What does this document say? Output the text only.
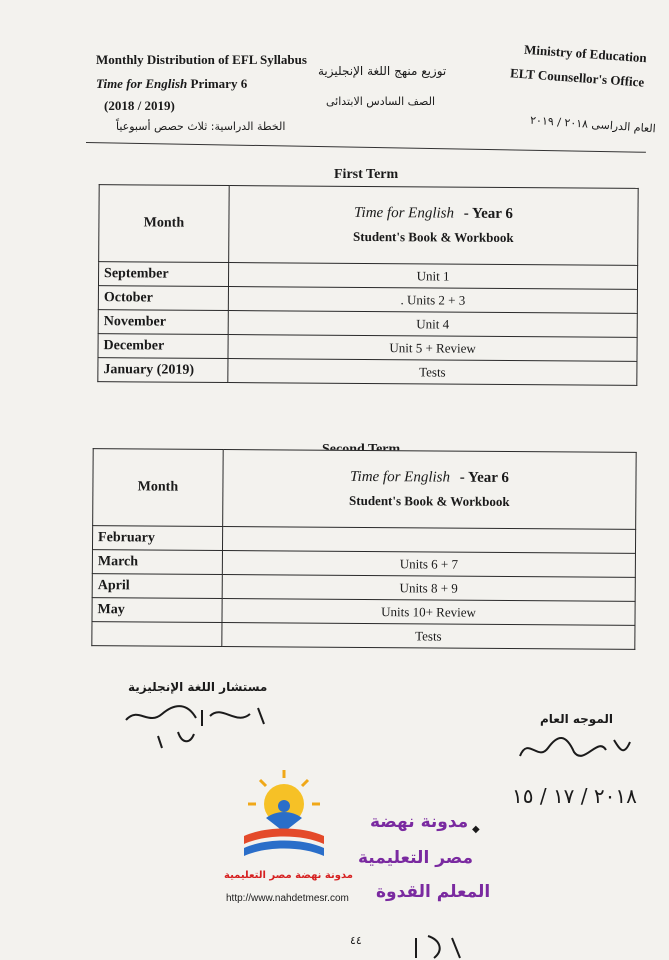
Monthly Distribution of EFL Syllabus
Time for English Primary 6
(2018 / 2019)
الخطة الدراسية: ثلاث حصص أسبوعياً
توزيع منهج اللغة الإنجليزية
الصف السادس الابتدائى
Ministry of Education
ELT Counsellor's Office
العام الدراسى ٢٠١٨ / ٢٠١٩
First Term
Month	Time for English - Year 6
Student's Book & Workbook

September	Unit 1
October	. Units 2 + 3
November	Unit 4
December	Unit 5 + Review
January (2019)	Tests
Month	Time for English - Year 6
Student's Book & Workbook

February	
March	Units 6 + 7
April	Units 8 + 9
May	Units 10+ Review
	Tests
مستشار اللغة الإنجليزية
الموجه العام
٢٠١٨ / ١٧ / ١٥
مدونة نهضة مصر التعليمية
http://www.nahdetmesr.com
◆
مدونة نهضة
مصر التعليمية
المعلم القدوة
٤٤
